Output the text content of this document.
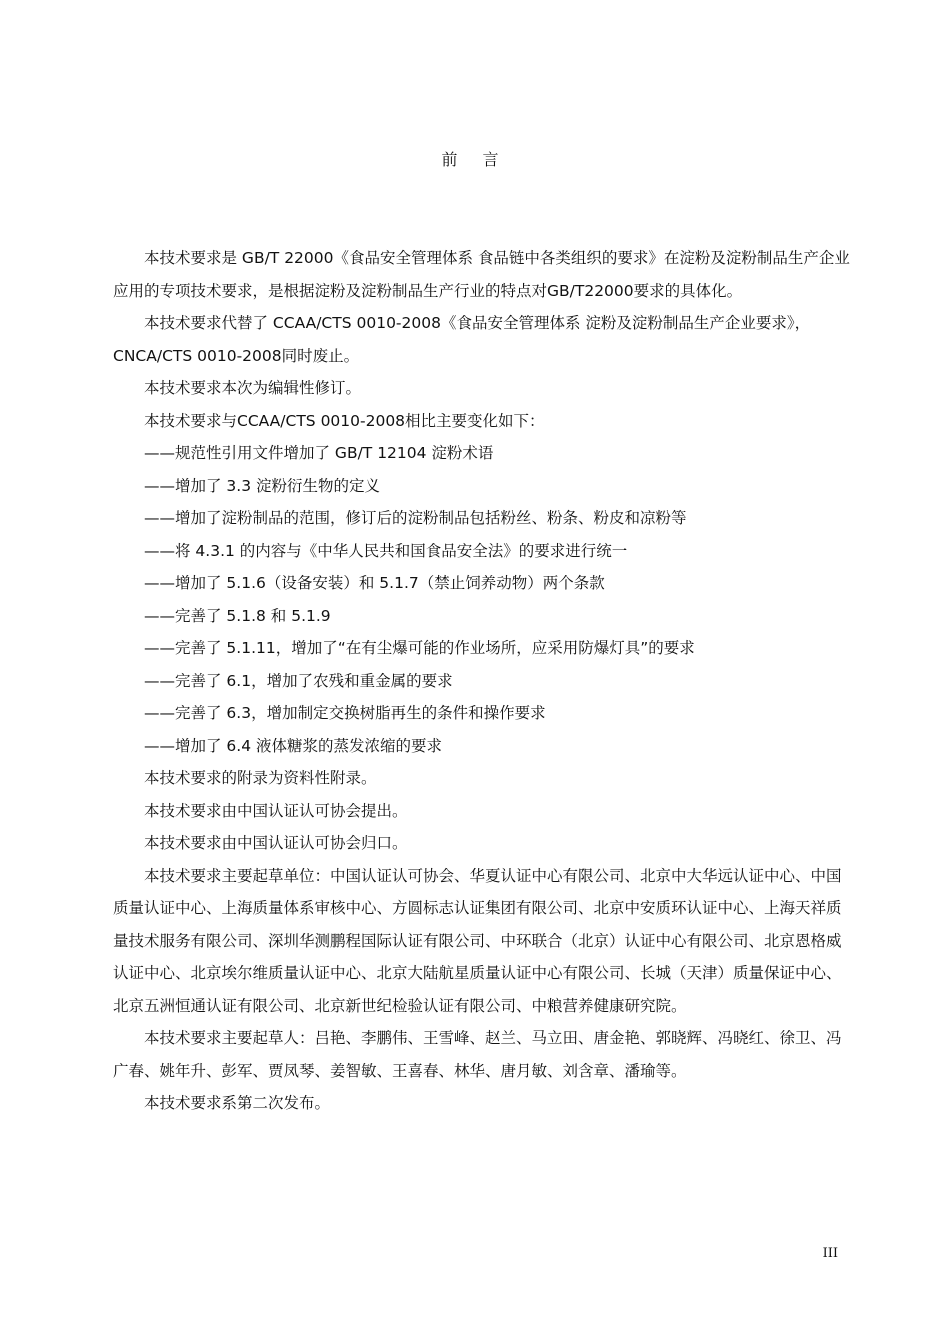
前 言

本技术要求是 GB/T 22000《食品安全管理体系 食品链中各类组织的要求》在淀粉及淀粉制品生产企业应用的专项技术要求，是根据淀粉及淀粉制品生产行业的特点对GB/T22000要求的具体化。

本技术要求代替了 CCAA/CTS 0010-2008《食品安全管理体系 淀粉及淀粉制品生产企业要求》，CNCA/CTS 0010-2008同时废止。

本技术要求本次为编辑性修订。

本技术要求与CCAA/CTS 0010-2008相比主要变化如下：

——规范性引用文件增加了 GB/T 12104 淀粉术语

——增加了 3.3 淀粉衍生物的定义

——增加了淀粉制品的范围，修订后的淀粉制品包括粉丝、粉条、粉皮和凉粉等

——将 4.3.1 的内容与《中华人民共和国食品安全法》的要求进行统一

——增加了 5.1.6（设备安装）和 5.1.7（禁止饲养动物）两个条款

——完善了 5.1.8 和 5.1.9

——完善了 5.1.11，增加了“在有尘爆可能的作业场所，应采用防爆灯具”的要求

——完善了 6.1，增加了农残和重金属的要求

——完善了 6.3，增加制定交换树脂再生的条件和操作要求

——增加了 6.4 液体糖浆的蒸发浓缩的要求

本技术要求的附录为资料性附录。

本技术要求由中国认证认可协会提出。

本技术要求由中国认证认可协会归口。

本技术要求主要起草单位：中国认证认可协会、华夏认证中心有限公司、北京中大华远认证中心、中国质量认证中心、上海质量体系审核中心、方圆标志认证集团有限公司、北京中安质环认证中心、上海天祥质量技术服务有限公司、深圳华测鹏程国际认证有限公司、中环联合（北京）认证中心有限公司、北京恩格威认证中心、北京埃尔维质量认证中心、北京大陆航星质量认证中心有限公司、长城（天津）质量保证中心、北京五洲恒通认证有限公司、北京新世纪检验认证有限公司、中粮营养健康研究院。

本技术要求主要起草人：吕艳、李鹏伟、王雪峰、赵兰、马立田、唐金艳、郭晓辉、冯晓红、徐卫、冯广春、姚年升、彭军、贾凤琴、姜智敏、王喜春、林华、唐月敏、刘含章、潘瑜等。

本技术要求系第二次发布。

III
